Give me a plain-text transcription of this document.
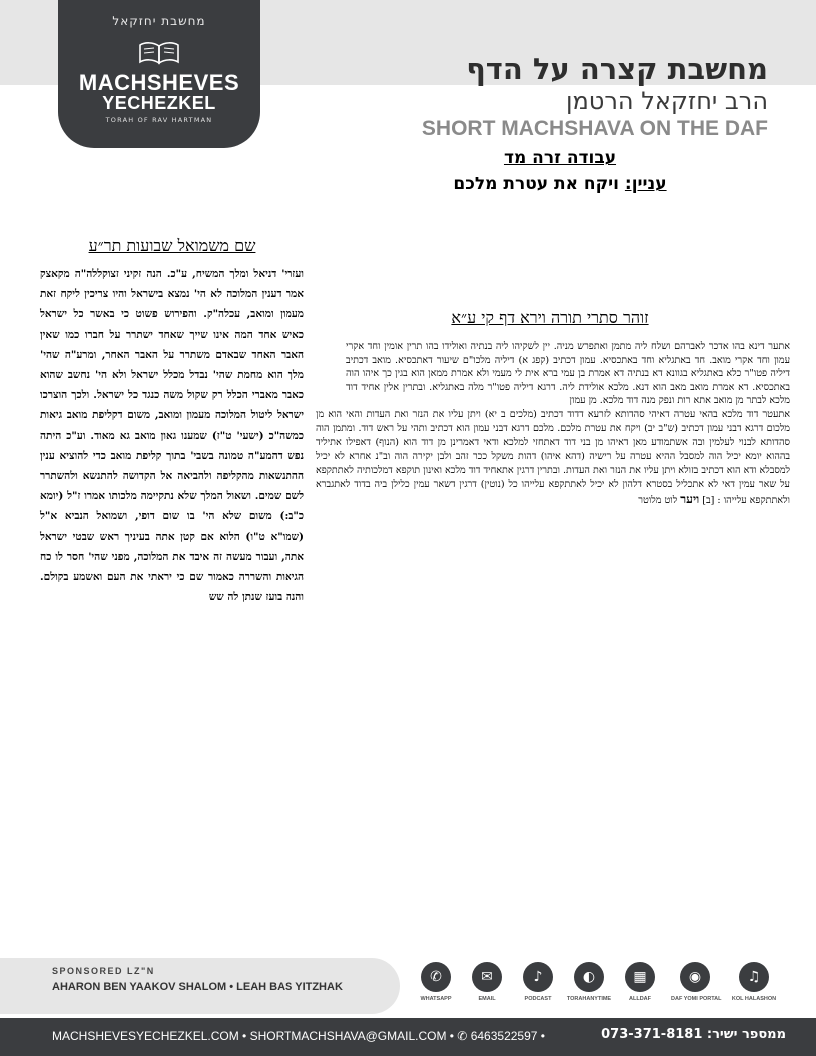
מחשבת יחזקאל
MACHSHEVES
YECHEZKEL
TORAH OF RAV HARTMAN
מחשבת קצרה על הדף
הרב יחזקאל הרטמן
SHORT MACHSHAVA ON THE DAF
עבודה זרה מד
עניין: ויקח את עטרת מלכם
שם משמואל שבועות תר״ע
ועזרי' דניאל ומלך המשיח, ע"כ. הנה זקיני זצוקללה"ה מקאצק אמר דענין המלוכה לא הי' נמצא בישראל והיו צריכין ליקח זאת מעמון ומואב, עכלה"ק. והפירוש פשוט כי באשר כל ישראל כאיש אחד המה אינו שייך שאחד ישתרר על חברו כמו שאין האבר האחד שבאדם משתרר על האבר האחר, ומרע"ה שהי' מלך הוא מחמת שהי' נבדל מכלל ישראל ולא הי' נחשב שהוא כאבר מאברי הכלל רק שקול משה כנגד כל ישראל. ולכך הוצרכו ישראל ליטול המלוכה מעמון ומואב, משום דקליפת מואב גיאות כמשה"כ (ישעי' ט"ז) שמענו גאון מואב גא מאוד. וע"כ היתה נפש דהמע"ה טמונה בשבי' בתוך קליפת מואב כדי להוציא ענין ההתנשאות מהקליפה ולהביאה אל הקדושה להתנשא ולהשתרר לשם שמים. ושאול המלך שלא נתקיימה מלכותו אמרו ז"ל (יומא כ"ב:) משום שלא הי' בו שום דופי, ושמואל הנביא א"ל (שמו"א ט"ו) הלוא אם קטן אתה בעיניך ראש שבטי ישראל אתה, ועבור מעשה זה איבד את המלוכה, מפני שהי' חסר לו כח הגיאות והשררה כאמור שם כי יראתי את העם ואשמע בקולם. והנה בועז שנתן לה שש
זוהר סתרי תורה וירא דף קי ע״א
אתער דינא בהו אדכר לאברהם ושלח ליה מתמן ואתפרש מניה. יין לשקיהו ליה בנתיה ואולידו בהו תרין אומין וחד אקרי עמון וחד אקרי מואב. חד באתגליא וחד באתכסיא. עמון דכתיב (קפג א) דיליה מלכו"ם שיעור דאתכסיא. מואב דכתיב דיליה פטו"ר כלא באתגליא בגוונא דא בנתיה דא אמרת בן עמי ברא אית לי מעמי ולא אמרת ממאן הוא בגין כך איהו הוה באתכסיא. דא אמרת מואב מאב הוא דנא. מלכא אולידת ליה. דרגא דיליה פטו"ר מלה באתגליא. ובתרין אלין אחיד דוד מלכא לבתר מן מואב אתא רות ונפק מנה דוד מלכא. מן עמון
אתעטר דוד מלכא בהאי עטרה דאיהי סהדותא לזרעא דדוד דכתיב (מלכים ב יא) ויתן עליו את הנזר ואת העדות והאי הוא מן מלכום דרגא דבני עמון דכתיב (ש"ב יב) ויקח את עטרת מלכם. מלכם דרגא דבני עמון הוא דכתיב ותהי על ראש דוד. ומתמן הוה סהדותא לבנוי לעלמין ובה אשתמודע מאן דאיהו מן בני דוד דאתחזי למלכא ודאי דאמרינן מן דוד הוא (הנוף) דאפילו אתיליד בההוא יומא יכיל הוה למסבל ההיא עטרה על רישיה (דהא איהו) דהות משקל ככר זהב ולבן יקירה הוה וב"נ אחרא לא יכיל למסבלא ודא הוא דכתיב בזולא ויתן עליו את הנזר ואת העדות. ובתרין דרגין אתאחיד דוד מלכא ואינון תוקפא דמלכותיה לאתתקפא על שאר עמין דאי לא אתכליל בסטרא דלהון לא יכיל לאתתקפא עלייהו כל (נוטין) דרגין דשאר עמין כלילן ביה בדוד לאתגברא ולאתתקפא עלייהו : [ב] ויער לוט מלוטר
SPONSORED LZ"N
AHARON BEN YAAKOV SHALOM • LEAH BAS YITZHAK
✆
WHATSAPP
✉
EMAIL
♪
PODCAST
◐
TORAHANYTIME
▦
ALLDAF
◉
DAF YOMI PORTAL
♫
KOL HALASHON
MACHSHEVESYECHEZKEL.COM • SHORTMACHSHAVA@GMAIL.COM • ✆ 6463522597 •	ממספר ישיר: 073-371-8181
